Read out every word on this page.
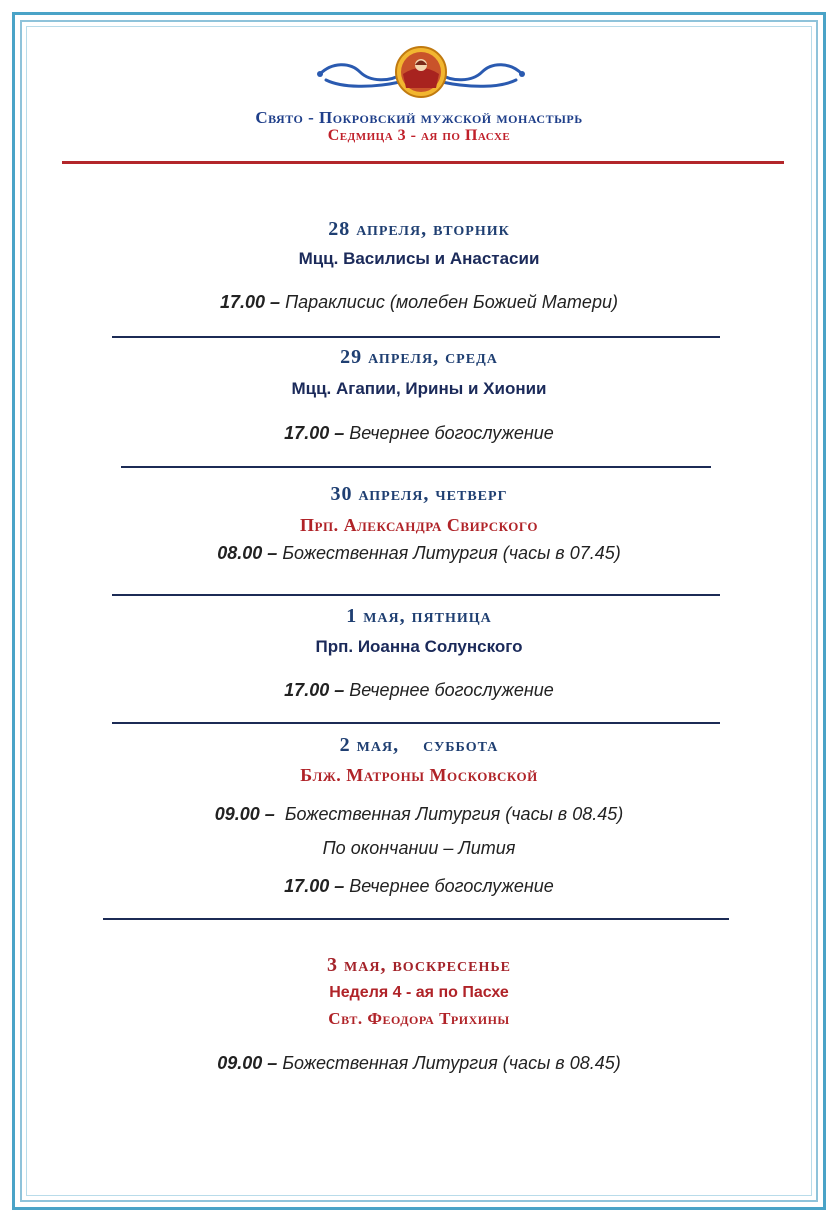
Свято - Покровский мужской монастырь
Седмица 3 - ая по Пасхе
28 апреля, вторник
Мцц. Василисы и Анастасии
17.00 – Параклисис (молебен Божией Матери)
29 апреля, среда
Мцц. Агапии, Ирины и Хионии
17.00 – Вечернее богослужение
30 апреля, четверг
Прп. Александра Свирского
08.00 – Божественная Литургия (часы в 07.45)
1 мая, пятница
Прп. Иоанна Солунского
17.00 – Вечернее богослужение
2 мая,    суббота
Блж. Матроны Московской
09.00 –  Божественная Литургия (часы в 08.45)
По окончании – Лития
17.00 – Вечернее богослужение
3 мая, воскресенье
Неделя 4 - ая по Пасхе
Свт. Феодора Трихины
09.00 – Божественная Литургия (часы в 08.45)
